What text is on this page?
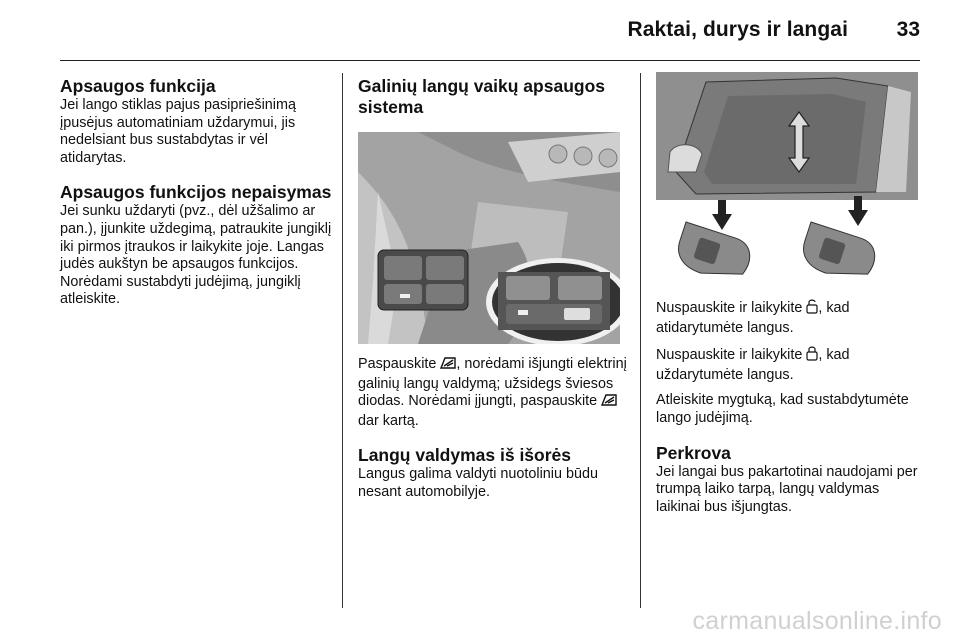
Raktai, durys ir langai 33
Apsaugos funkcija

Jei lango stiklas pajus pasipriešinimą įpusėjus automatiniam uždarymui, jis nedelsiant bus sustabdytas ir vėl atidarytas.

Apsaugos funkcijos nepaisymas

Jei sunku uždaryti (pvz., dėl užšalimo ar pan.), įjunkite uždegimą, patraukite jungiklį iki pirmos įtraukos ir laikykite joje. Langas judės aukštyn be apsaugos funkcijos. Norėdami sustabdyti judėjimą, jungiklį atleiskite.

Galinių langų vaikų apsaugos sistema

Paspauskite , norėdami išjungti elektrinį galinių langų valdymą; užsidegs šviesos diodas. Norėdami įjungti, paspauskite  dar kartą.

Langų valdymas iš išorės

Langus galima valdyti nuotoliniu būdu nesant automobilyje.

Nuspauskite ir laikykite , kad atidarytumėte langus.

Nuspauskite ir laikykite , kad uždarytumėte langus.

Atleiskite mygtuką, kad sustabdytumėte lango judėjimą.

Perkrova

Jei langai bus pakartotinai naudojami per trumpą laiko tarpą, langų valdymas laikinai bus išjungtas.

carmanualsonline.info
